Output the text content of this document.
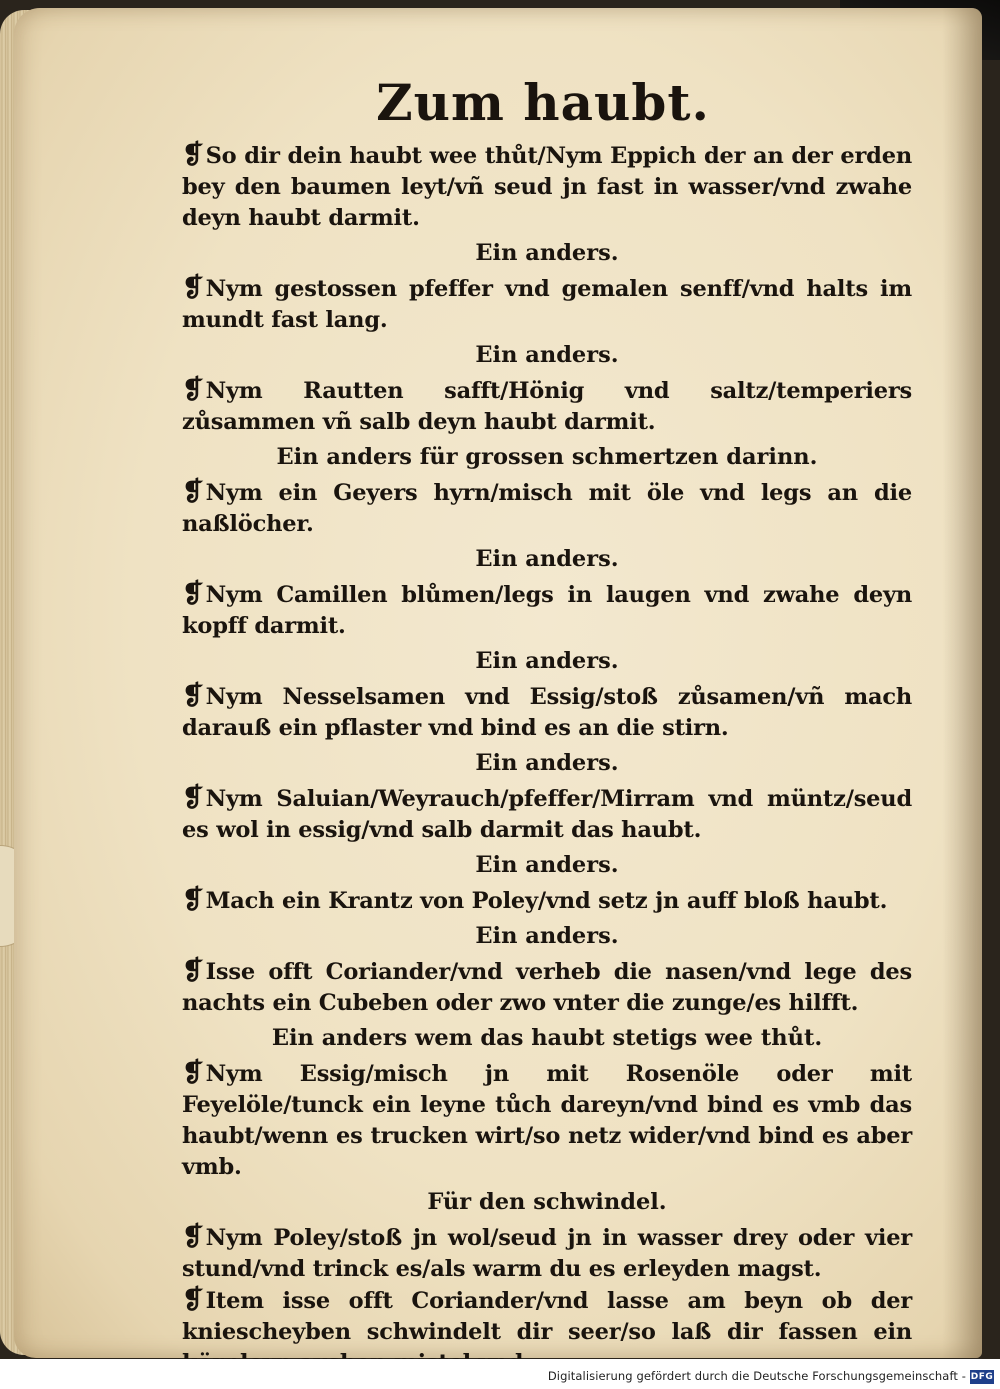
Zum haubt.

❡So dir dein haubt wee thůt/Nym Eppich der an der erden bey den baumen leyt/vñ seud jn fast in wasser/vnd zwahe deyn haubt darmit.

Ein anders.

❡Nym gestossen pfeffer vnd gemalen senff/vnd halts im mundt fast lang.

Ein anders.

❡Nym Rautten safft/Hönig vnd saltz/temperiers zůsammen vñ salb deyn haubt darmit.

Ein anders für grossen schmertzen darinn.

❡Nym ein Geyers hyrn/misch mit öle vnd legs an die naßlöcher.

Ein anders.

❡Nym Camillen blůmen/legs in laugen vnd zwahe deyn kopff darmit.

Ein anders.

❡Nym Nesselsamen vnd Essig/stoß zůsamen/vñ mach darauß ein pflaster vnd bind es an die stirn.

Ein anders.

❡Nym Saluian/Weyrauch/pfeffer/Mirram vnd müntz/seud es wol in essig/vnd salb darmit das haubt.

Ein anders.

❡Mach ein Krantz von Poley/vnd setz jn auff bloß haubt.

Ein anders.

❡Isse offt Coriander/vnd verheb die nasen/vnd lege des nachts ein Cubeben oder zwo vnter die zunge/es hilfft.

Ein anders wem das haubt stetigs wee thůt.

❡Nym Essig/misch jn mit Rosenöle oder mit Feyelöle/tunck ein leyne tůch dareyn/vnd bind es vmb das haubt/wenn es trucken wirt/so netz wider/vnd bind es aber vmb.

Für den schwindel.

❡Nym Poley/stoß jn wol/seud jn in wasser drey oder vier stund/vnd trinck es/als warm du es erleyden magst.

❡Item isse offt Coriander/vnd lasse am beyn ob der kniescheyben schwindelt dir seer/so laß dir fassen ein

Digitalisierung gefördert durch die Deutsche Forschungsgemeinschaft - DFG
